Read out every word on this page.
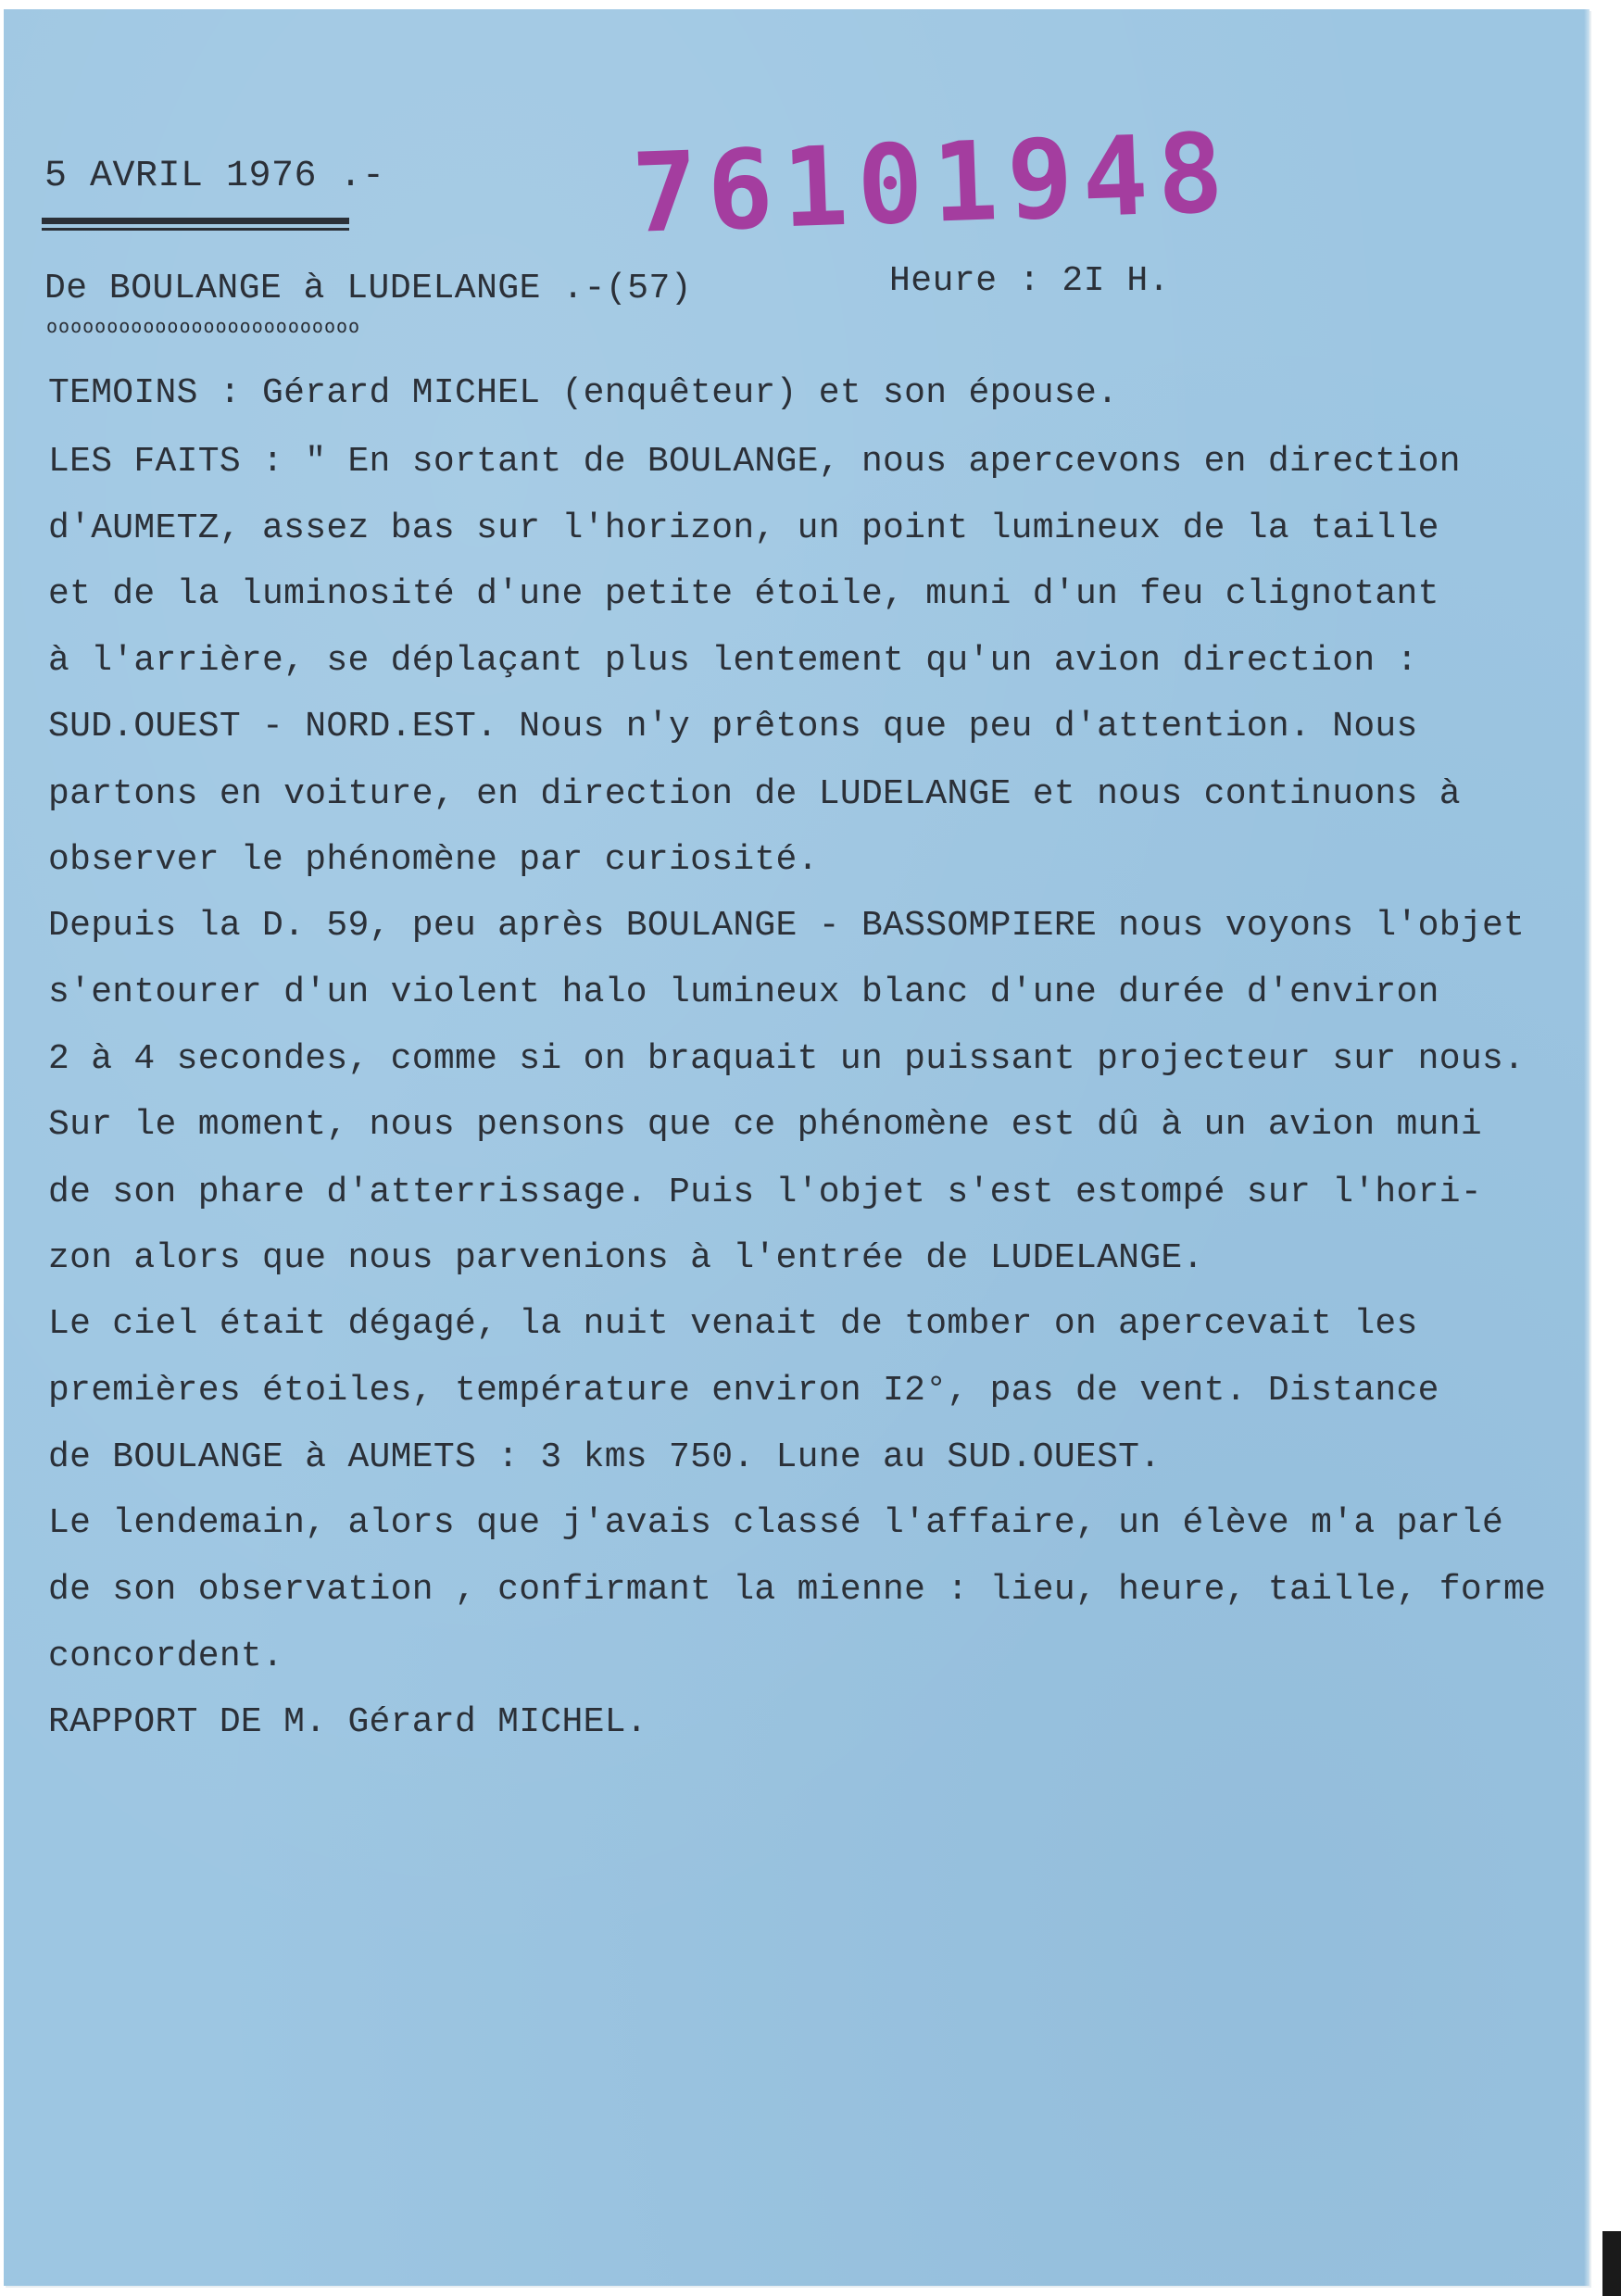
5 AVRIL 1976 .- 76101948
De BOULANGE à LUDELANGE .-(57)	Heure : 2I H.
oooooooooooooooooooooooooo
TEMOINS : Gérard MICHEL (enquêteur) et son épouse.
LES FAITS : " En sortant de BOULANGE, nous apercevons en direction
d'AUMETZ, assez bas sur l'horizon, un point lumineux de la taille
et de la luminosité d'une petite étoile, muni d'un feu clignotant
à l'arrière, se déplaçant plus lentement qu'un avion direction :
SUD.OUEST - NORD.EST. Nous n'y prêtons que peu d'attention. Nous
partons en voiture, en direction de LUDELANGE et nous continuons à
observer le phénomène par curiosité.
Depuis la D. 59, peu après BOULANGE - BASSOMPIERE nous voyons l'objet
s'entourer d'un violent halo lumineux blanc d'une durée d'environ
2 à 4 secondes, comme si on braquait un puissant projecteur sur nous.
Sur le moment, nous pensons que ce phénomène est dû à un avion muni
de son phare d'atterrissage. Puis l'objet s'est estompé sur l'hori-
zon alors que nous parvenions à l'entrée de LUDELANGE.
Le ciel était dégagé, la nuit venait de tomber on apercevait les
premières étoiles, température environ I2°, pas de vent. Distance
de BOULANGE à AUMETS : 3 kms 750. Lune au SUD.OUEST.
Le lendemain, alors que j'avais classé l'affaire, un élève m'a parlé
de son observation , confirmant la mienne : lieu, heure, taille, forme
concordent.
RAPPORT DE M. Gérard MICHEL.
